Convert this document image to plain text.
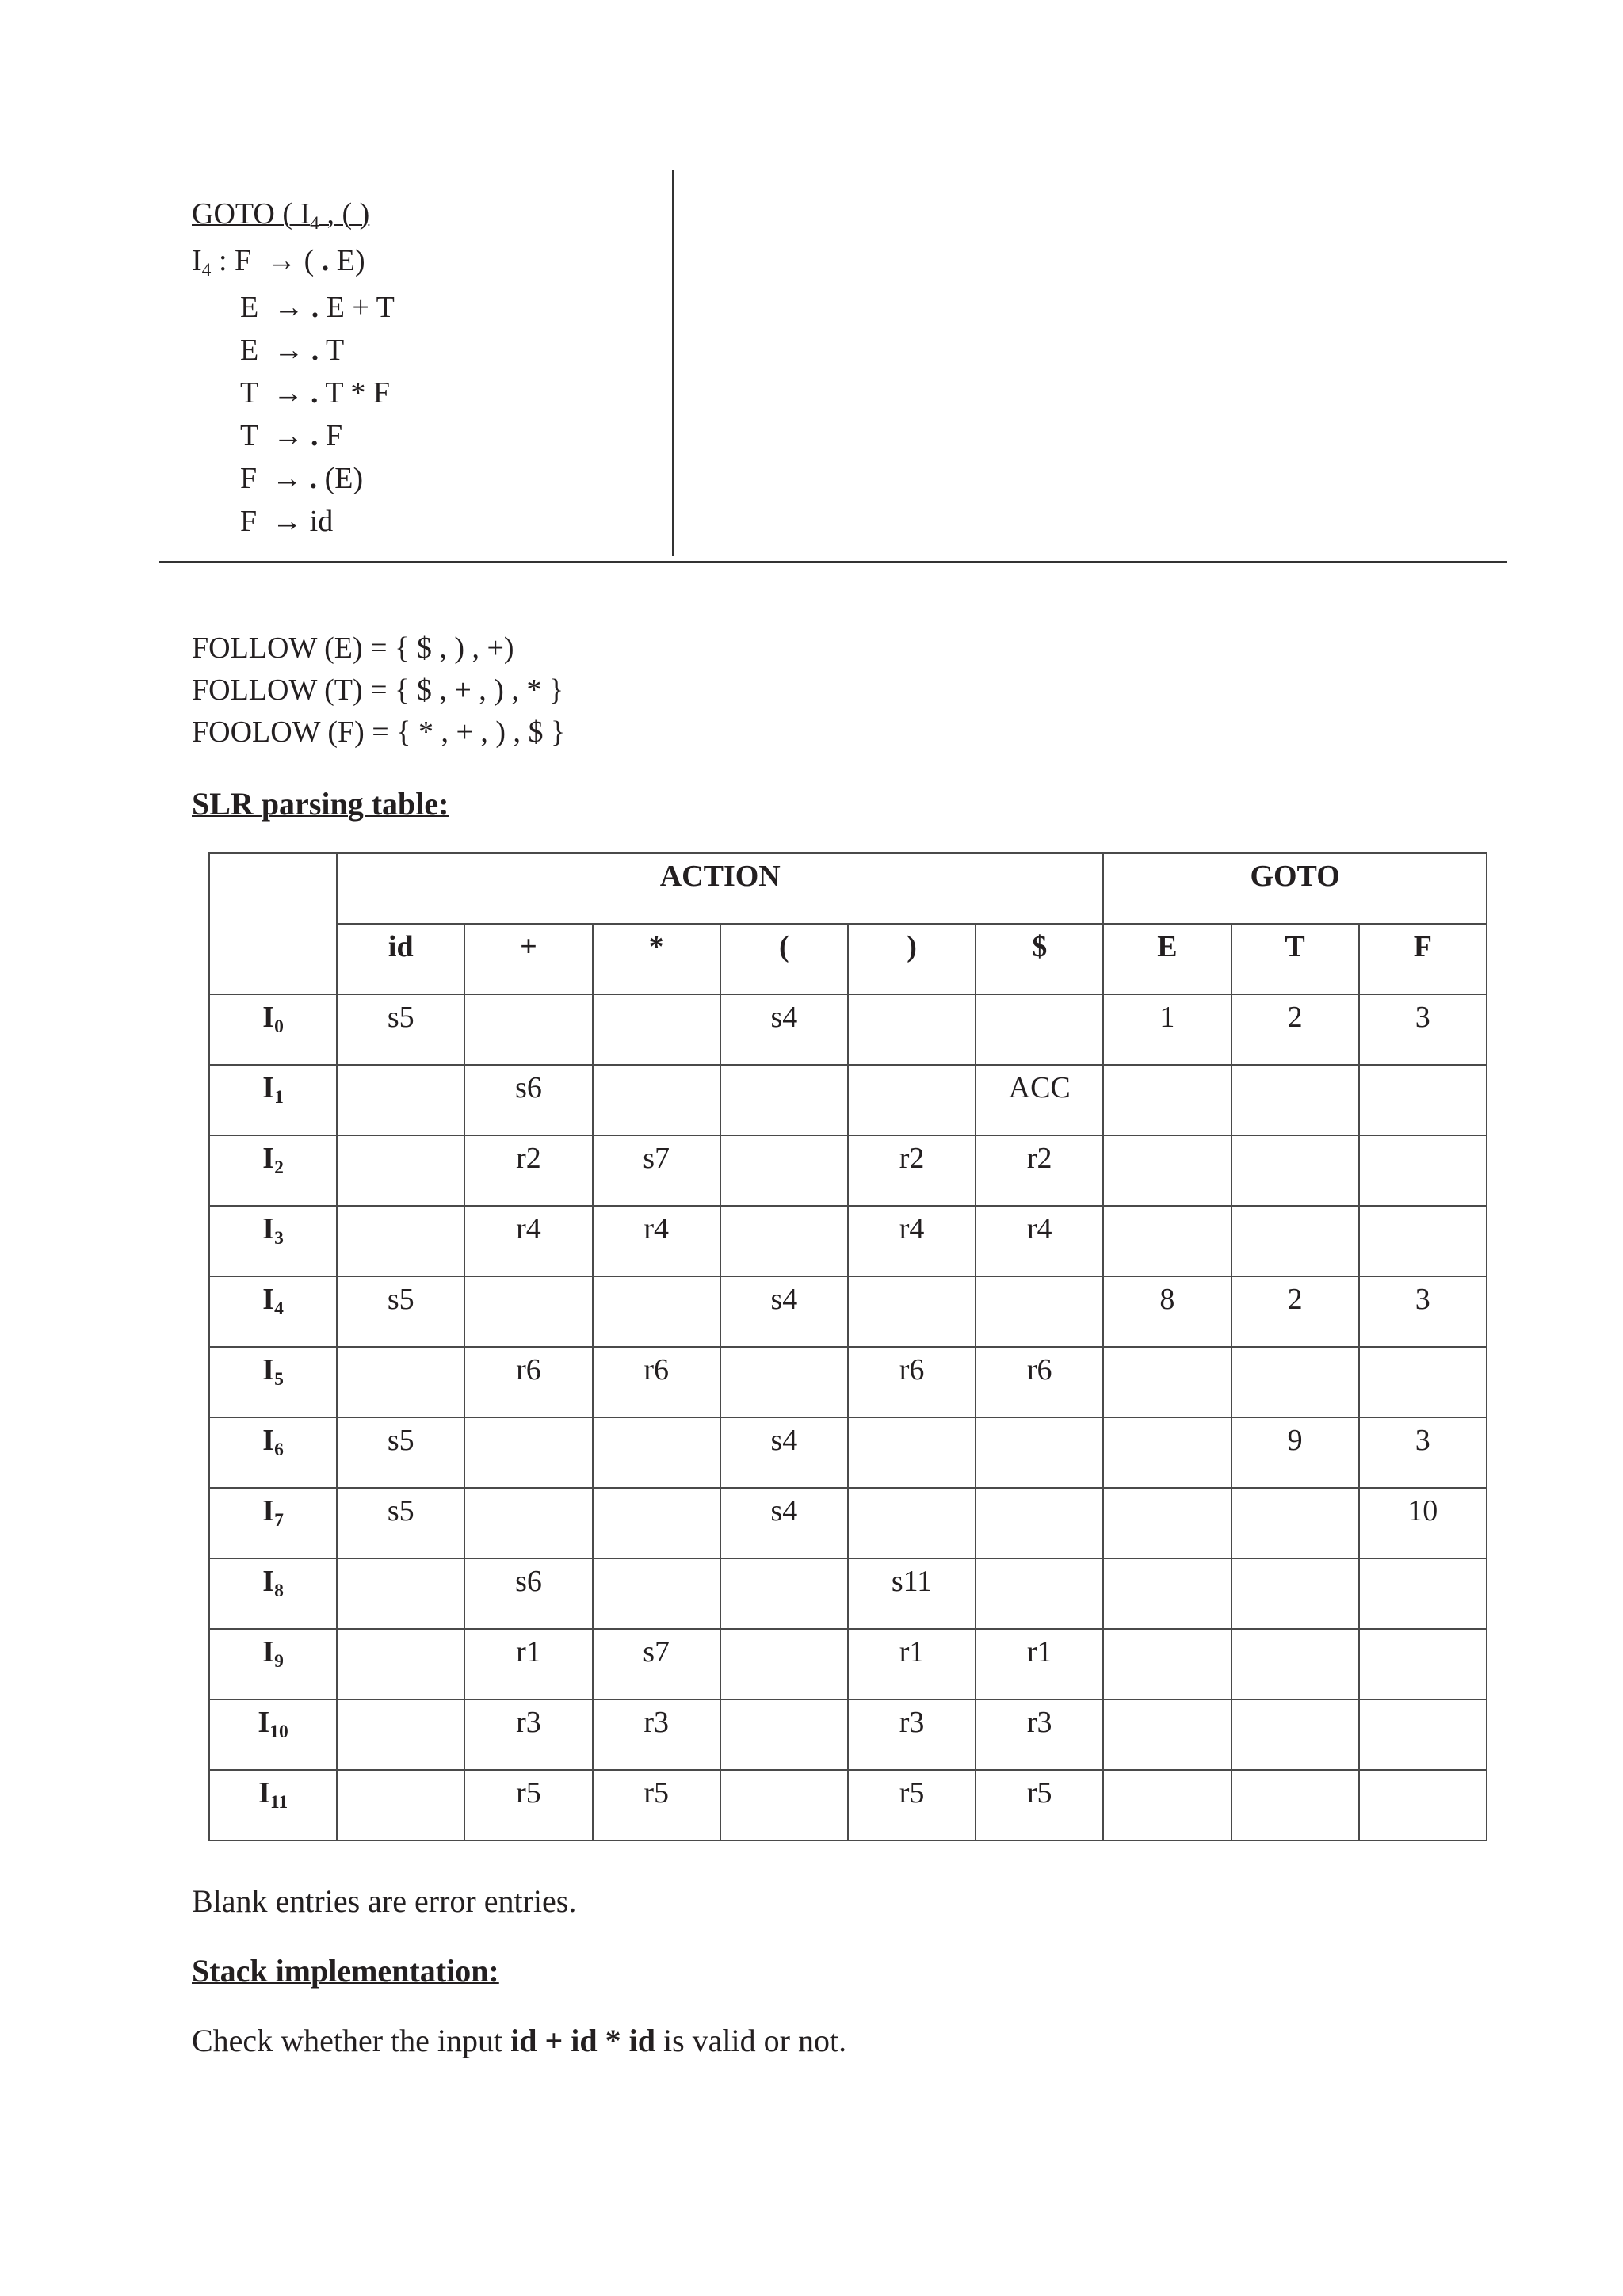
GOTO ( $I_4$ , ( )
$I_4$ : F  → ( . E)
E  → . E + T
E  → . T
T  → . T * F
T  → . F
F  → . (E)
F  → id
FOLLOW (E) = { $ , ) , +)
FOLLOW (T) = { $ , + , ) , * }
FOOLOW (F) = { * , + , ) , $ }
SLR parsing table:
	ACTION						GOTO		
	id	+	*	(	)	$	E	T	F
$I_0$	s5			s4			1	2	3
$I_1$		s6				ACC			
$I_2$		r2	s7		r2	r2			
$I_3$		r4	r4		r4	r4			
$I_4$	s5			s4			8	2	3
$I_5$		r6	r6		r6	r6			
$I_6$	s5			s4				9	3
$I_7$	s5			s4					10
$I_8$		s6			s11				
$I_9$		r1	s7		r1	r1			
$I_{10}$		r3	r3		r3	r3			
$I_{11}$		r5	r5		r5	r5			
Blank entries are error entries.
Stack implementation:
Check whether the input id + id * id is valid or not.
